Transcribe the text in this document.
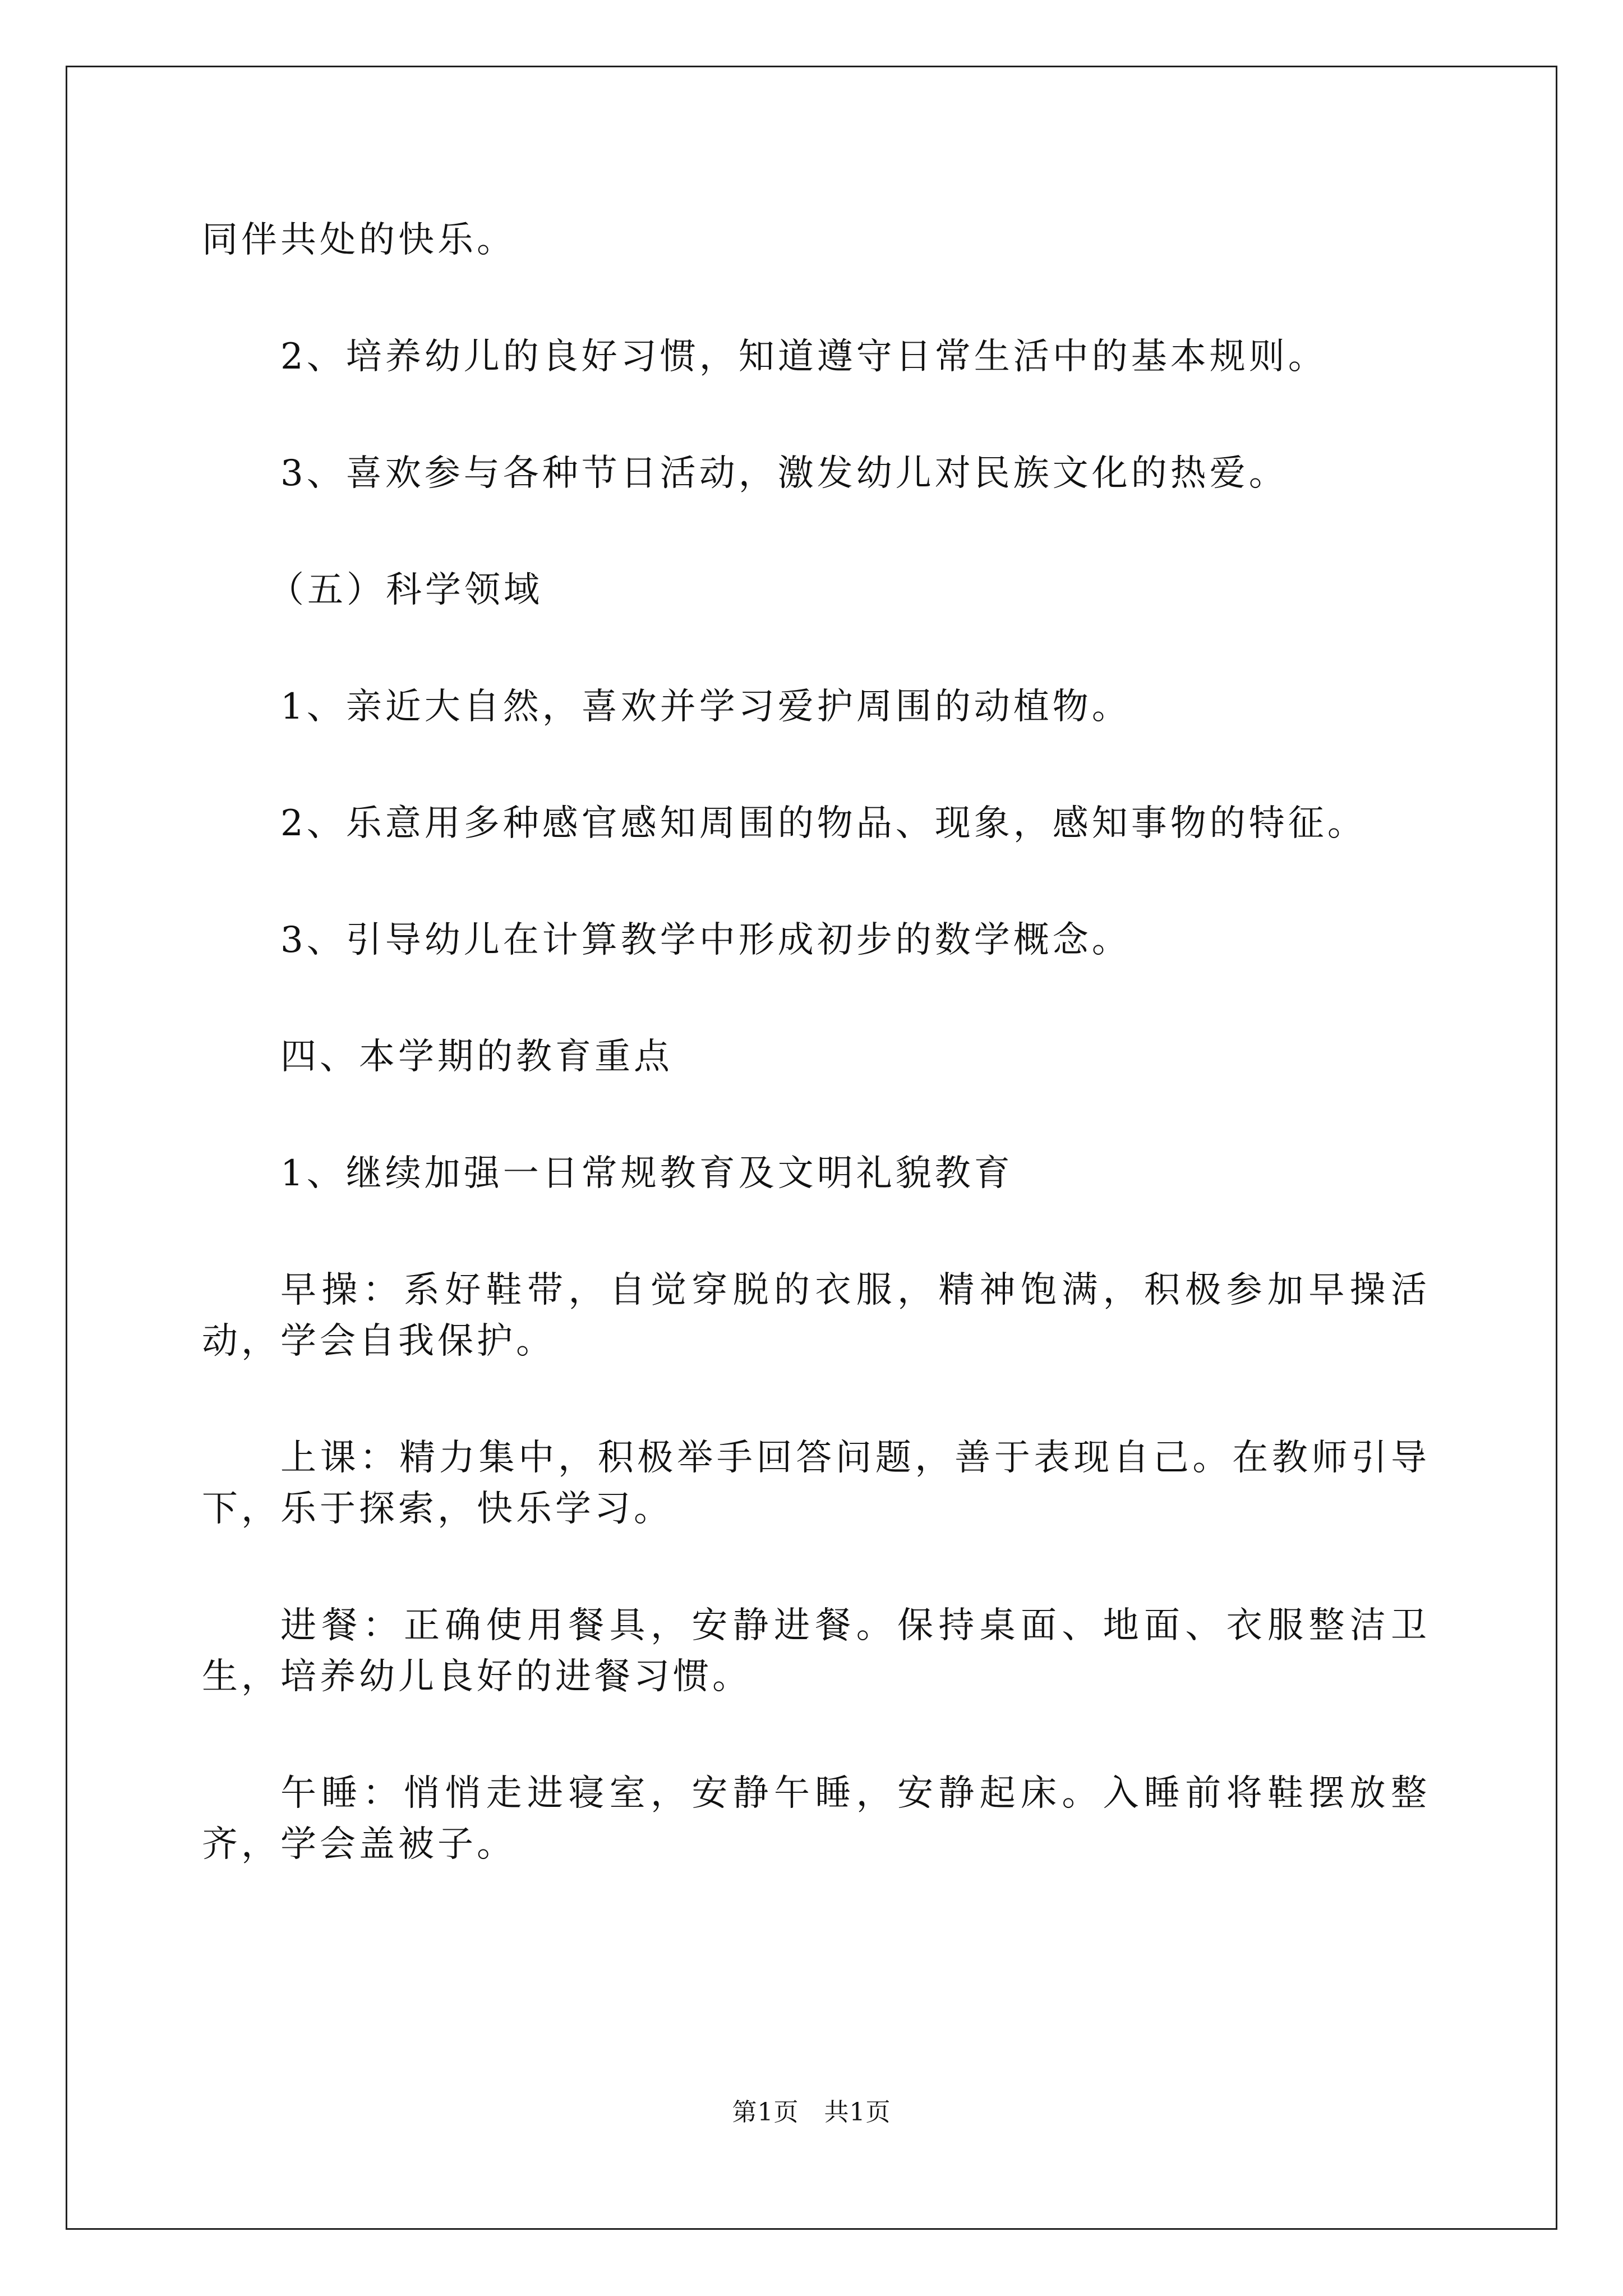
同伴共处的快乐。

2、培养幼儿的良好习惯，知道遵守日常生活中的基本规则。

3、喜欢参与各种节日活动，激发幼儿对民族文化的热爱。

（五）科学领域

1、亲近大自然，喜欢并学习爱护周围的动植物。

2、乐意用多种感官感知周围的物品、现象，感知事物的特征。

3、引导幼儿在计算教学中形成初步的数学概念。

四、本学期的教育重点

1、继续加强一日常规教育及文明礼貌教育

早操：系好鞋带，自觉穿脱的衣服，精神饱满，积极参加早操活动，学会自我保护。

上课：精力集中，积极举手回答问题，善于表现自己。在教师引导下，乐于探索，快乐学习。

进餐：正确使用餐具，安静进餐。保持桌面、地面、衣服整洁卫生，培养幼儿良好的进餐习惯。

午睡：悄悄走进寝室，安静午睡，安静起床。入睡前将鞋摆放整齐，学会盖被子。

第1页　共1页
